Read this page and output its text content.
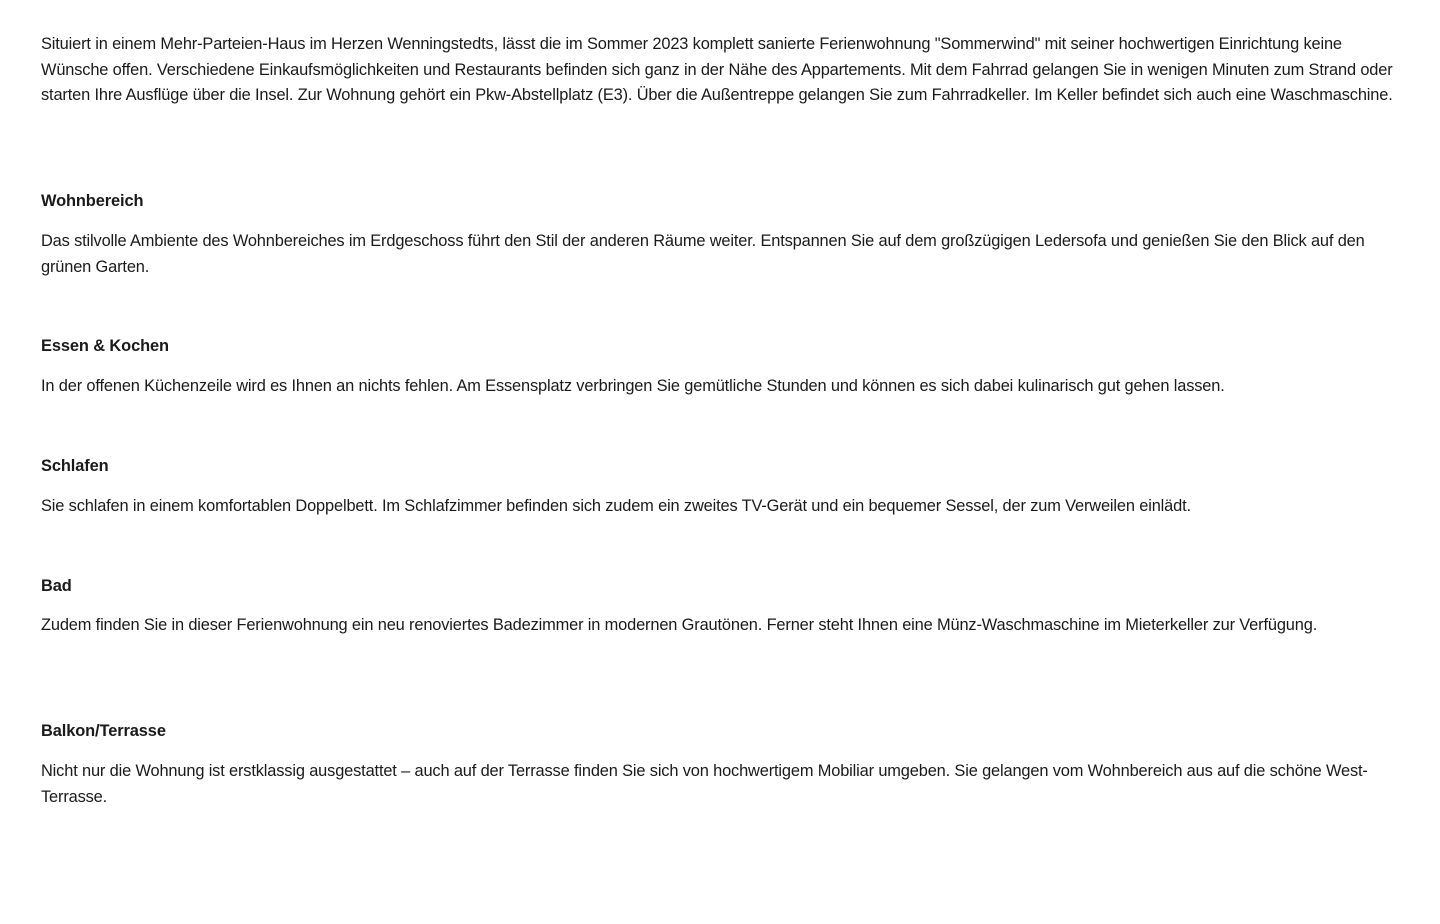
Situiert in einem Mehr-Parteien-Haus im Herzen Wenningstedts, lässt die im Sommer 2023 komplett sanierte Ferienwohnung "Sommerwind" mit seiner hochwertigen Einrichtung keine Wünsche offen. Verschiedene Einkaufsmöglichkeiten und Restaurants befinden sich ganz in der Nähe des Appartements. Mit dem Fahrrad gelangen Sie in wenigen Minuten zum Strand oder starten Ihre Ausflüge über die Insel. Zur Wohnung gehört ein Pkw-Abstellplatz (E3). Über die Außentreppe gelangen Sie zum Fahrradkeller. Im Keller befindet sich auch eine Waschmaschine.

Wohnbereich

Das stilvolle Ambiente des Wohnbereiches im Erdgeschoss führt den Stil der anderen Räume weiter. Entspannen Sie auf dem großzügigen Ledersofa und genießen Sie den Blick auf den grünen Garten.

Essen & Kochen

In der offenen Küchenzeile wird es Ihnen an nichts fehlen. Am Essensplatz verbringen Sie gemütliche Stunden und können es sich dabei kulinarisch gut gehen lassen.

Schlafen

Sie schlafen in einem komfortablen Doppelbett. Im Schlafzimmer befinden sich zudem ein zweites TV-Gerät und ein bequemer Sessel, der zum Verweilen einlädt.

Bad

Zudem finden Sie in dieser Ferienwohnung ein neu renoviertes Badezimmer in modernen Grautönen. Ferner steht Ihnen eine Münz-Waschmaschine im Mieterkeller zur Verfügung.

Balkon/Terrasse

Nicht nur die Wohnung ist erstklassig ausgestattet – auch auf der Terrasse finden Sie sich von hochwertigem Mobiliar umgeben. Sie gelangen vom Wohnbereich aus auf die schöne West-Terrasse.
